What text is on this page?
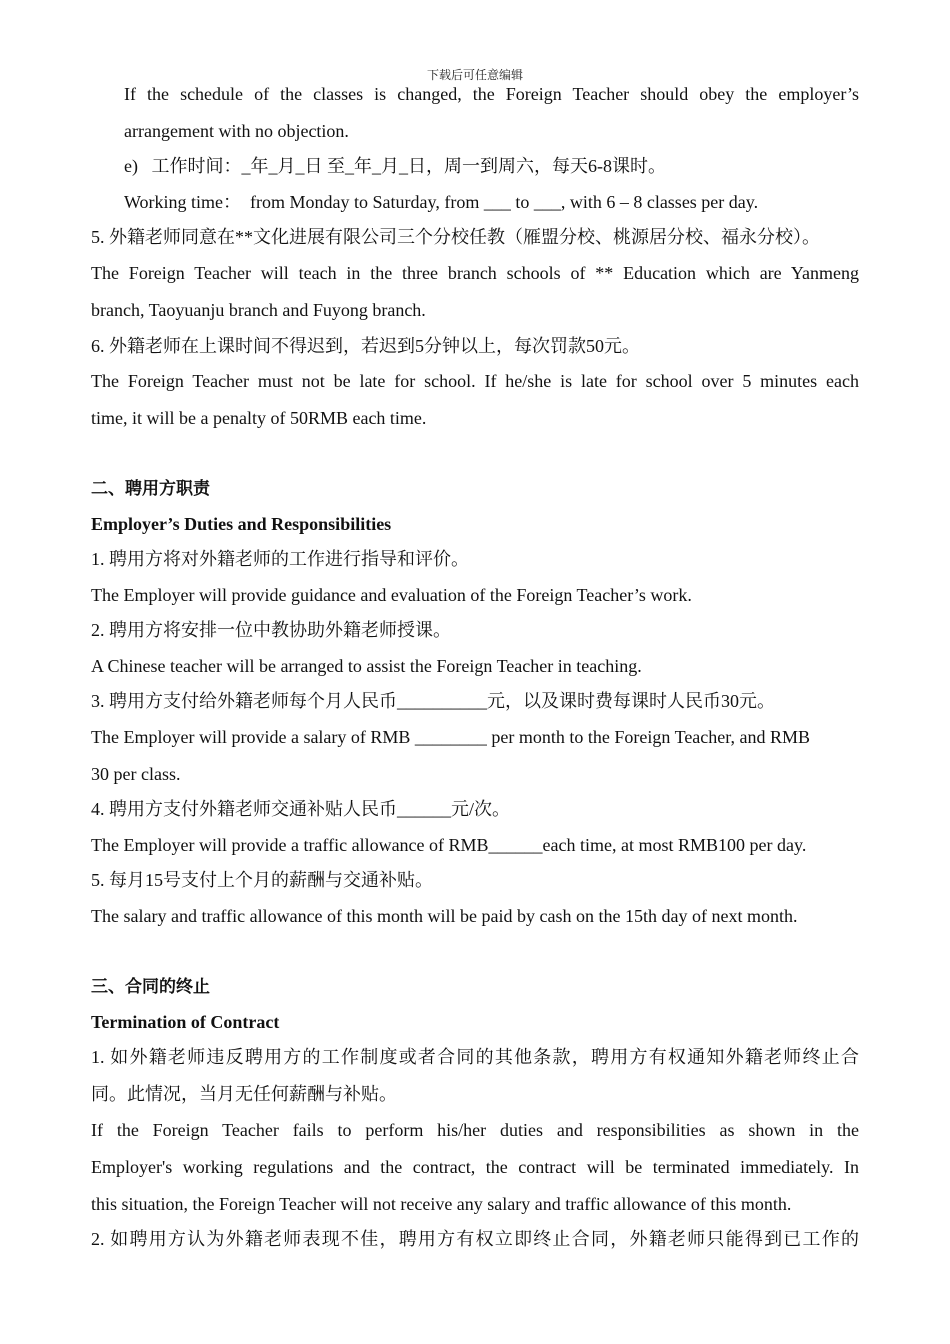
下载后可任意编辑
If the schedule of the classes is changed, the Foreign Teacher should obey the employer’s
arrangement with no objection.
e)   工作时间：_年_月_日 至_年_月_日，周一到周六，每天6-8课时。
Working time：  from Monday to Saturday, from ___ to ___, with 6 – 8 classes per day.
5. 外籍老师同意在**文化进展有限公司三个分校任教（雁盟分校、桃源居分校、福永分校）。
The Foreign Teacher will teach in the three branch schools of ** Education which are Yanmeng
branch, Taoyuanju branch and Fuyong branch.
6. 外籍老师在上课时间不得迟到，若迟到5分钟以上，每次罚款50元。
The Foreign Teacher must not be late for school. If he/she is late for school over 5 minutes each
time, it will be a penalty of 50RMB each time.
二、聘用方职责
Employer’s Duties and Responsibilities
1. 聘用方将对外籍老师的工作进行指导和评价。
The Employer will provide guidance and evaluation of the Foreign Teacher’s work.
2. 聘用方将安排一位中教协助外籍老师授课。
A Chinese teacher will be arranged to assist the Foreign Teacher in teaching.
3. 聘用方支付给外籍老师每个月人民币__________元，以及课时费每课时人民币30元。
The Employer will provide a salary of RMB ________ per month to the Foreign Teacher, and RMB
30 per class.
4. 聘用方支付外籍老师交通补贴人民币______元/次。
The Employer will provide a traffic allowance of RMB______each time, at most RMB100 per day.
5. 每月15号支付上个月的薪酬与交通补贴。
The salary and traffic allowance of this month will be paid by cash on the 15th day of next month.
三、合同的终止
Termination of Contract
1. 如外籍老师违反聘用方的工作制度或者合同的其他条款，聘用方有权通知外籍老师终止合
同。此情况，当月无任何薪酬与补贴。
If the Foreign Teacher fails to perform his/her duties and responsibilities as shown in the
Employer's working regulations and the contract, the contract will be terminated immediately. In
this situation, the Foreign Teacher will not receive any salary and traffic allowance of this month.
2. 如聘用方认为外籍老师表现不佳，聘用方有权立即终止合同，外籍老师只能得到已工作的
